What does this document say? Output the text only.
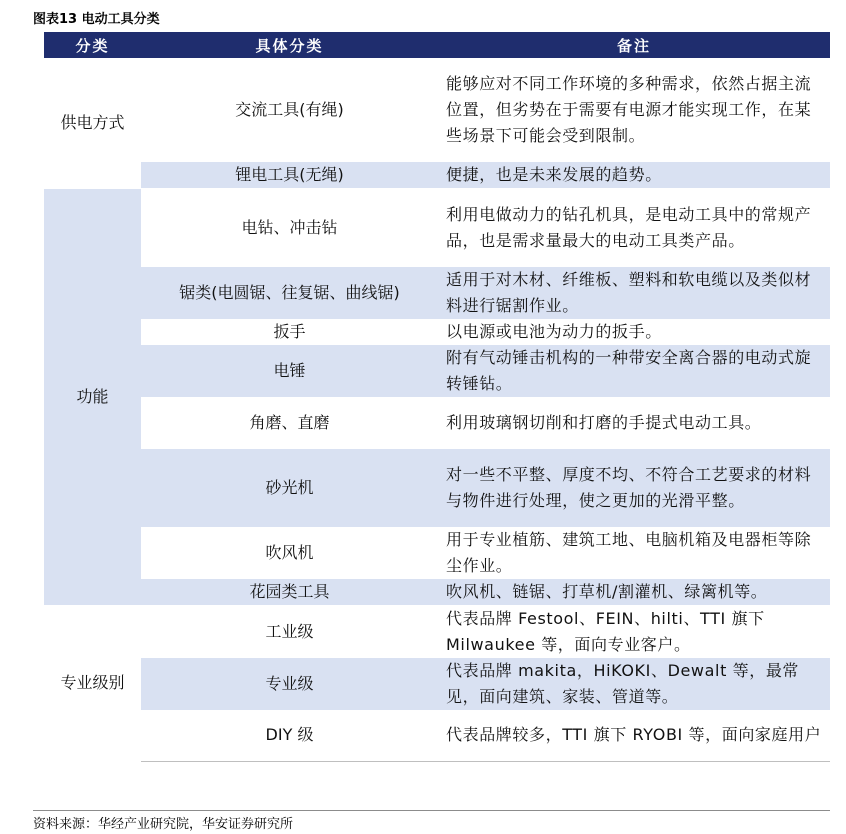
图表13 电动工具分类
分类	具体分类	备注
供电方式	交流工具(有绳)	能够应对不同工作环境的多种需求，依然占据主流位置，但劣势在于需要有电源才能实现工作，在某些场景下可能会受到限制。
	锂电工具(无绳)	便捷，也是未来发展的趋势。
功能	电钻、冲击钻	利用电做动力的钻孔机具，是电动工具中的常规产品，也是需求量最大的电动工具类产品。
	锯类(电圆锯、往复锯、曲线锯)	适用于对木材、纤维板、塑料和软电缆以及类似材料进行锯割作业。
	扳手	以电源或电池为动力的扳手。
	电锤	附有气动锤击机构的一种带安全离合器的电动式旋转锤钻。
	角磨、直磨	利用玻璃钢切削和打磨的手提式电动工具。
	砂光机	对一些不平整、厚度不均、不符合工艺要求的材料与物件进行处理，使之更加的光滑平整。
	吹风机	用于专业植筋、建筑工地、电脑机箱及电器柜等除尘作业。
	花园类工具	吹风机、链锯、打草机/割灌机、绿篱机等。
专业级别	工业级	代表品牌 Festool、FEIN、hilti、TTI 旗下 Milwaukee 等，面向专业客户。
	专业级	代表品牌 makita，HiKOKI、Dewalt 等，最常见，面向建筑、家装、管道等。
	DIY 级	代表品牌较多，TTI 旗下 RYOBI 等，面向家庭用户
资料来源：华经产业研究院，华安证券研究所
